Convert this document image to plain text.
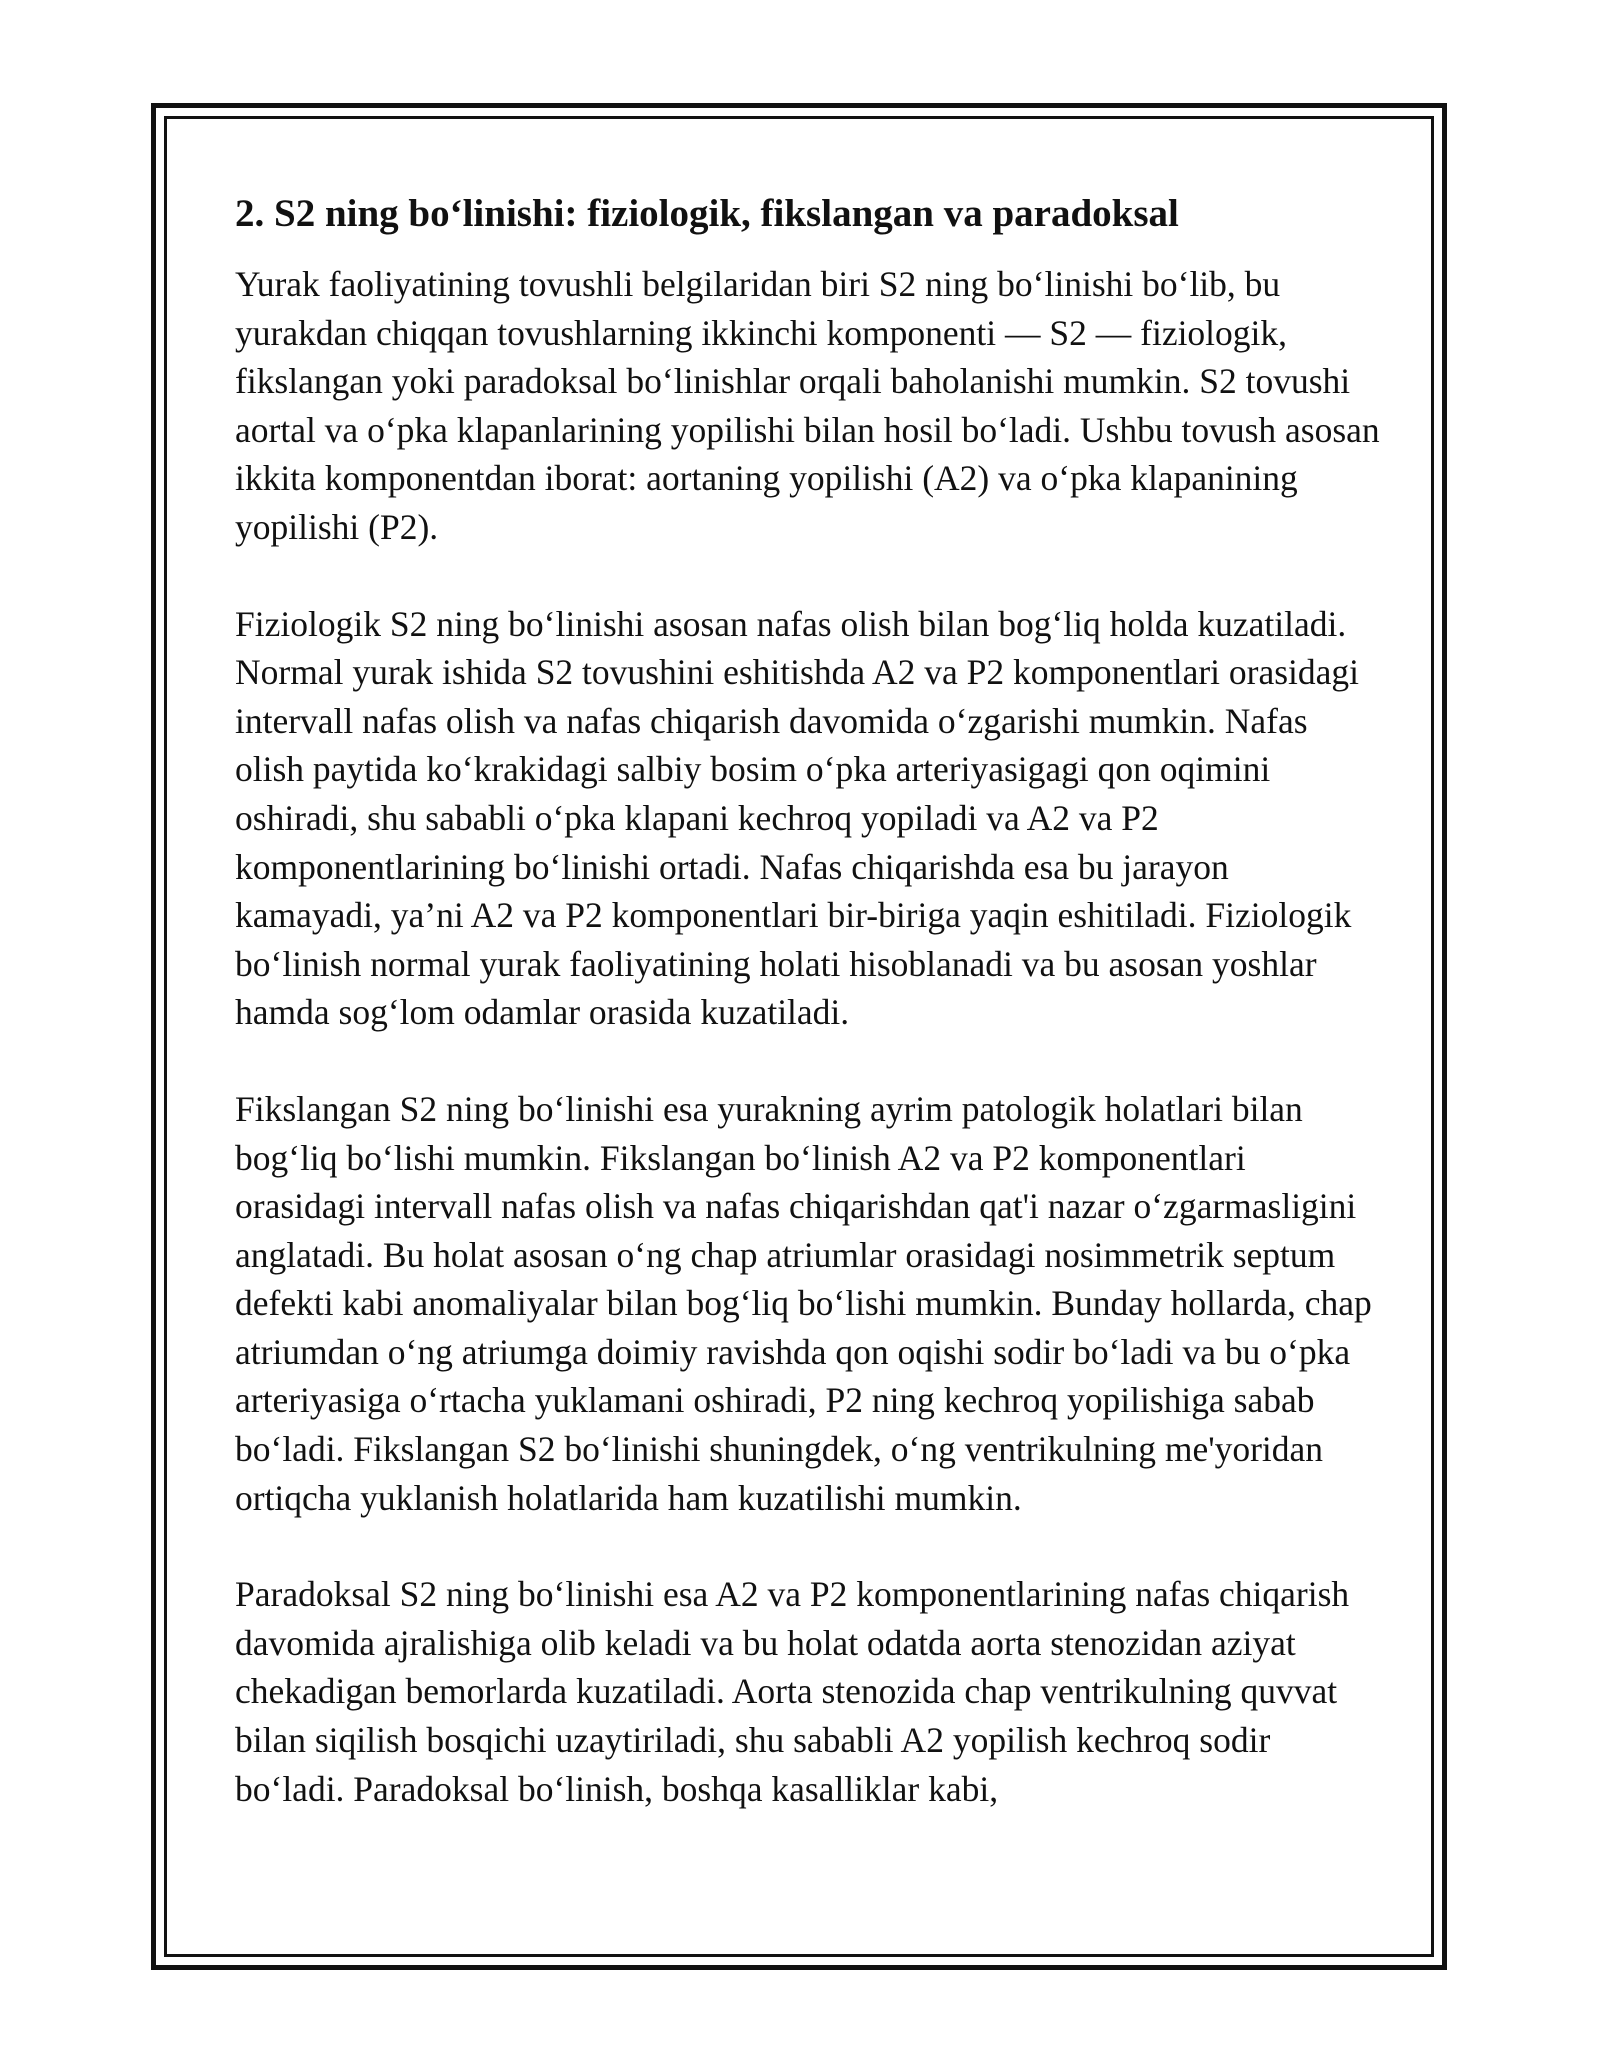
2. S2 ning bo‘linishi: fiziologik, fikslangan va paradoksal

Yurak faoliyatining tovushli belgilaridan biri S2 ning bo‘linishi bo‘lib, bu yurakdan chiqqan tovushlarning ikkinchi komponenti — S2 — fiziologik, fikslangan yoki paradoksal bo‘linishlar orqali baholanishi mumkin. S2 tovushi aortal va o‘pka klapanlarining yopilishi bilan hosil bo‘ladi. Ushbu tovush asosan ikkita komponentdan iborat: aortaning yopilishi (A2) va o‘pka klapanining yopilishi (P2).

Fiziologik S2 ning bo‘linishi asosan nafas olish bilan bog‘liq holda kuzatiladi. Normal yurak ishida S2 tovushini eshitishda A2 va P2 komponentlari orasidagi intervall nafas olish va nafas chiqarish davomida o‘zgarishi mumkin. Nafas olish paytida ko‘krakidagi salbiy bosim o‘pka arteriyasigagi qon oqimini oshiradi, shu sababli o‘pka klapani kechroq yopiladi va A2 va P2 komponentlarining bo‘linishi ortadi. Nafas chiqarishda esa bu jarayon kamayadi, ya’ni A2 va P2 komponentlari bir-biriga yaqin eshitiladi. Fiziologik bo‘linish normal yurak faoliyatining holati hisoblanadi va bu asosan yoshlar hamda sog‘lom odamlar orasida kuzatiladi.

Fikslangan S2 ning bo‘linishi esa yurakning ayrim patologik holatlari bilan bog‘liq bo‘lishi mumkin. Fikslangan bo‘linish A2 va P2 komponentlari orasidagi intervall nafas olish va nafas chiqarishdan qat'i nazar o‘zgarmasligini anglatadi. Bu holat asosan o‘ng chap atriumlar orasidagi nosimmetrik septum defekti kabi anomaliyalar bilan bog‘liq bo‘lishi mumkin. Bunday hollarda, chap atriumdan o‘ng atriumga doimiy ravishda qon oqishi sodir bo‘ladi va bu o‘pka arteriyasiga o‘rtacha yuklamani oshiradi, P2 ning kechroq yopilishiga sabab bo‘ladi. Fikslangan S2 bo‘linishi shuningdek, o‘ng ventrikulning me'yoridan ortiqcha yuklanish holatlarida ham kuzatilishi mumkin.

Paradoksal S2 ning bo‘linishi esa A2 va P2 komponentlarining nafas chiqarish davomida ajralishiga olib keladi va bu holat odatda aorta stenozidan aziyat chekadigan bemorlarda kuzatiladi. Aorta stenozida chap ventrikulning quvvat bilan siqilish bosqichi uzaytiriladi, shu sababli A2 yopilish kechroq sodir bo‘ladi. Paradoksal bo‘linish, boshqa kasalliklar kabi,
